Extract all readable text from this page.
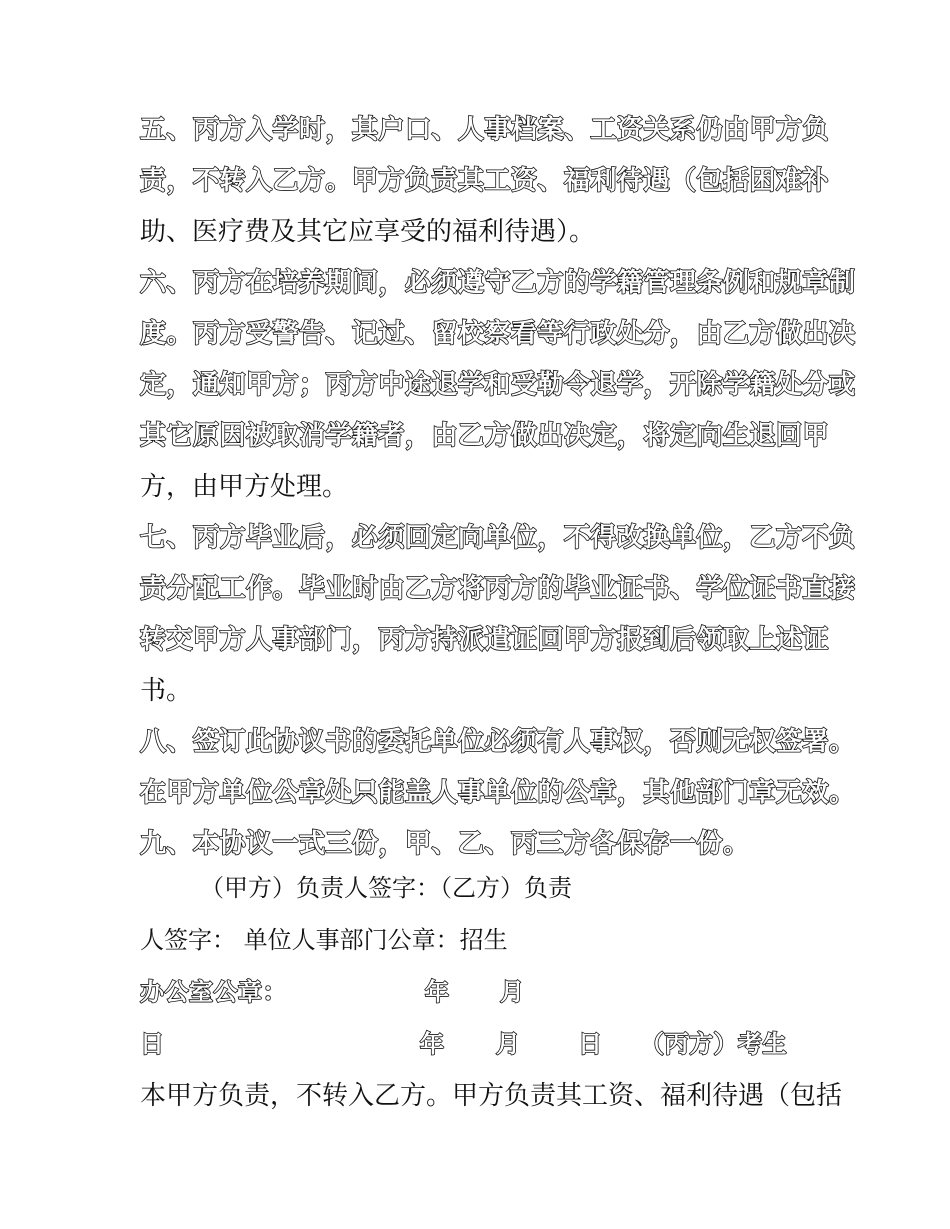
五、丙方入学时，其户口、人事档案、工资关系仍由甲方负
责，不转入乙方。甲方负责其工资、福利待遇（包括困难补
助、医疗费及其它应享受的福利待遇）。
六、丙方在培养期间，必须遵守乙方的学籍管理条例和规章制
度。丙方受警告、记过、留校察看等行政处分，由乙方做出决
定，通知甲方；丙方中途退学和受勒令退学，开除学籍处分或
其它原因被取消学籍者，由乙方做出决定，将定向生退回甲
方，由甲方处理。
七、丙方毕业后，必须回定向单位，不得改换单位，乙方不负
责分配工作。毕业时由乙方将丙方的毕业证书、学位证书直接
转交甲方人事部门，丙方持派遣证回甲方报到后领取上述证
书。
八、签订此协议书的委托单位必须有人事权，否则无权签署。
在甲方单位公章处只能盖人事单位的公章，其他部门章无效。
九、本协议一式三份，甲、乙、丙三方各保存一份。
（甲方）负责人签字：（乙方）负责
人签字： 单位人事部门公章：招生
办公室公章：	年 月
日	年 月 日 （丙方）考生
本甲方负责，不转入乙方。甲方负责其工资、福利待遇（包括
